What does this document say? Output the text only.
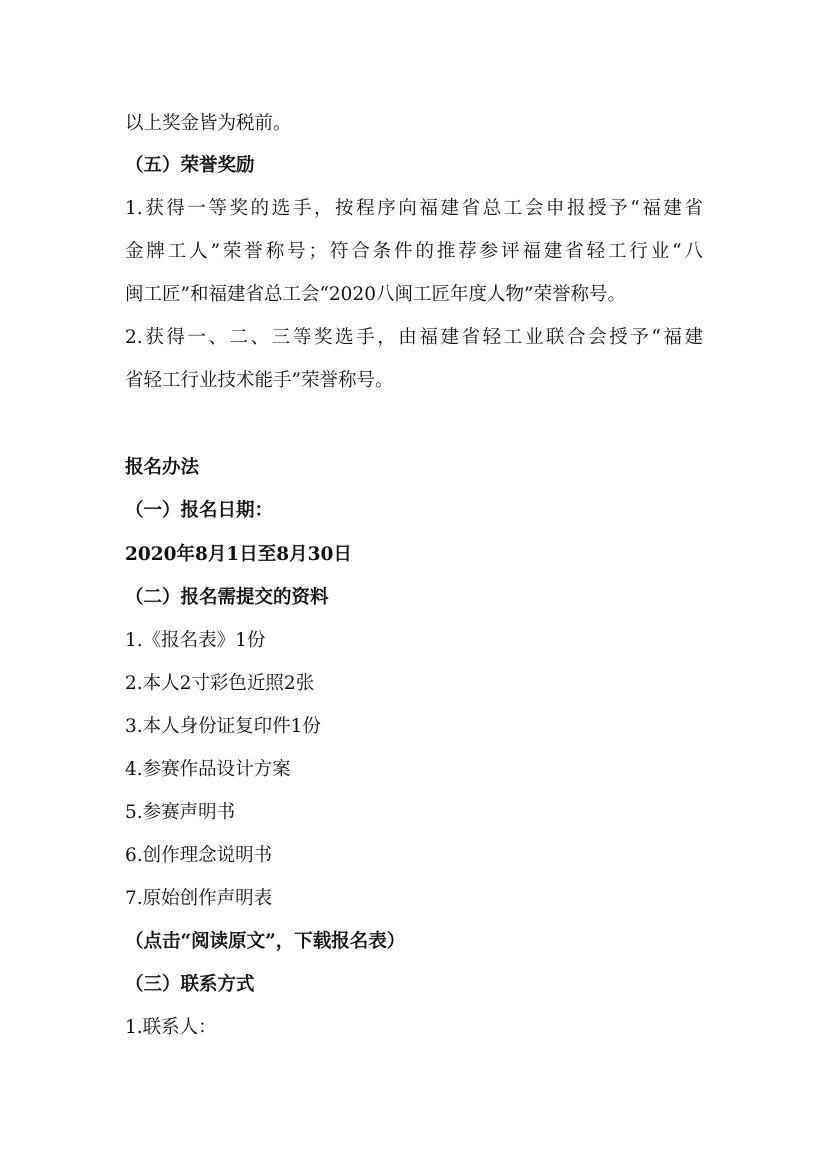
以上奖金皆为税前。
（五）荣誉奖励
1.获得一等奖的选手，按程序向福建省总工会申报授予“福建省
金牌工人”荣誉称号；符合条件的推荐参评福建省轻工行业“八
闽工匠”和福建省总工会“2020八闽工匠年度人物”荣誉称号。
2.获得一、二、三等奖选手，由福建省轻工业联合会授予“福建
省轻工行业技术能手”荣誉称号。
报名办法
（一）报名日期：
2020年8月1日至8月30日
（二）报名需提交的资料
1.《报名表》1份
2.本人2寸彩色近照2张
3.本人身份证复印件1份
4.参赛作品设计方案
5.参赛声明书
6.创作理念说明书
7.原始创作声明表
（点击“阅读原文”，下载报名表）
（三）联系方式
1.联系人：
